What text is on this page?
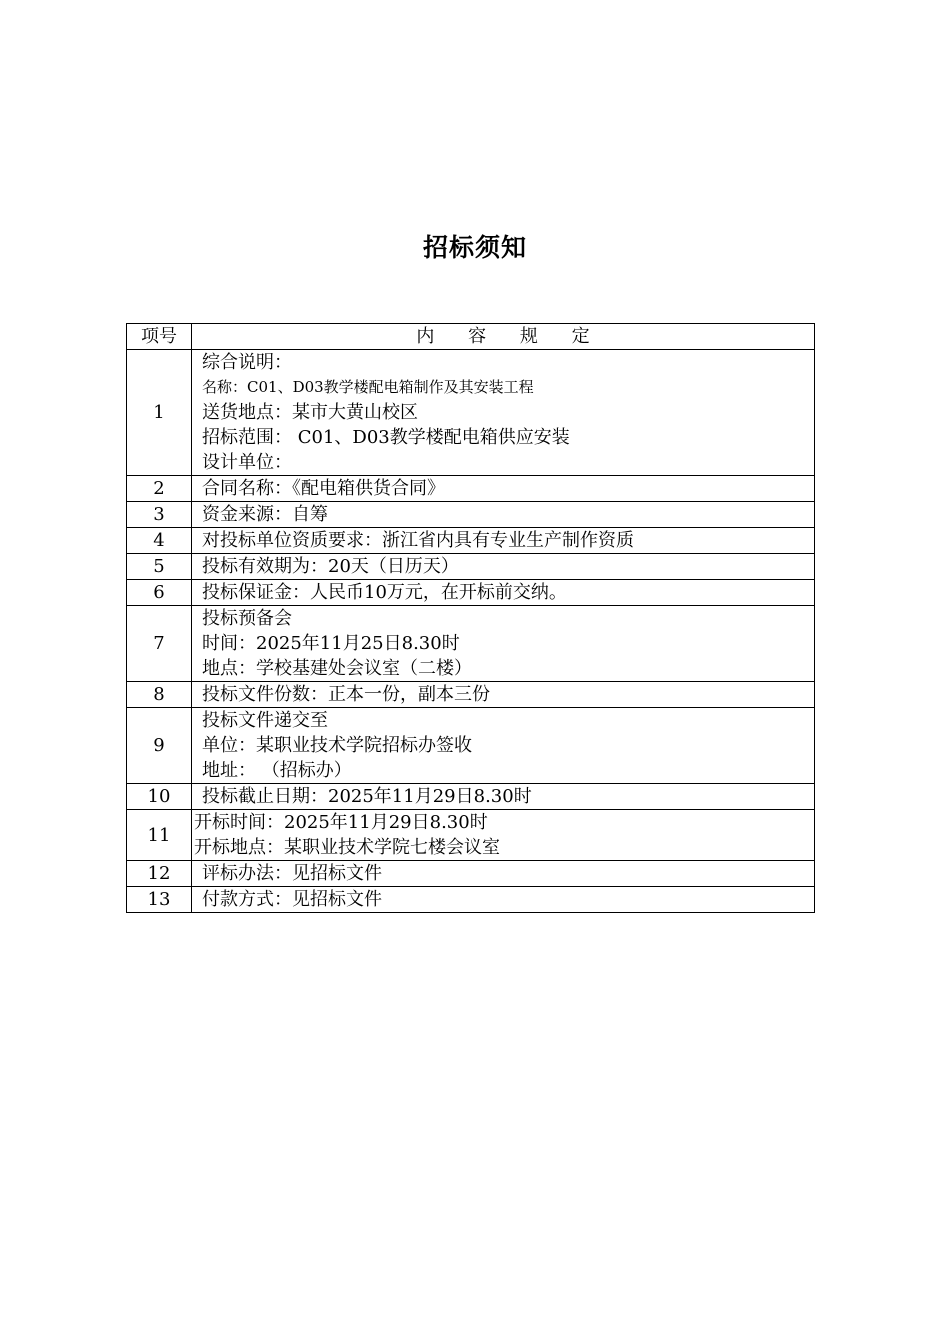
招标须知
项号	内 容 规 定
1	综合说明：
名称：C01、D03教学楼配电箱制作及其安装工程
送货地点：某市大黄山校区
招标范围： C01、D03教学楼配电箱供应安装
设计单位：

2	合同名称：《配电箱供货合同》

3	资金来源：自筹

4	对投标单位资质要求：浙江省内具有专业生产制作资质

5	投标有效期为：20天（日历天）

6	投标保证金：人民币10万元，在开标前交纳。

7	投标预备会
时间：2025年11月25日8.30时
地点：学校基建处会议室（二楼）

8	投标文件份数：正本一份，副本三份

9	投标文件递交至
单位：某职业技术学院招标办签收
地址： （招标办）

10	投标截止日期：2025年11月29日8.30时

11	开标时间：2025年11月29日8.30时
开标地点：某职业技术学院七楼会议室

12	评标办法：见招标文件

13	付款方式：见招标文件
